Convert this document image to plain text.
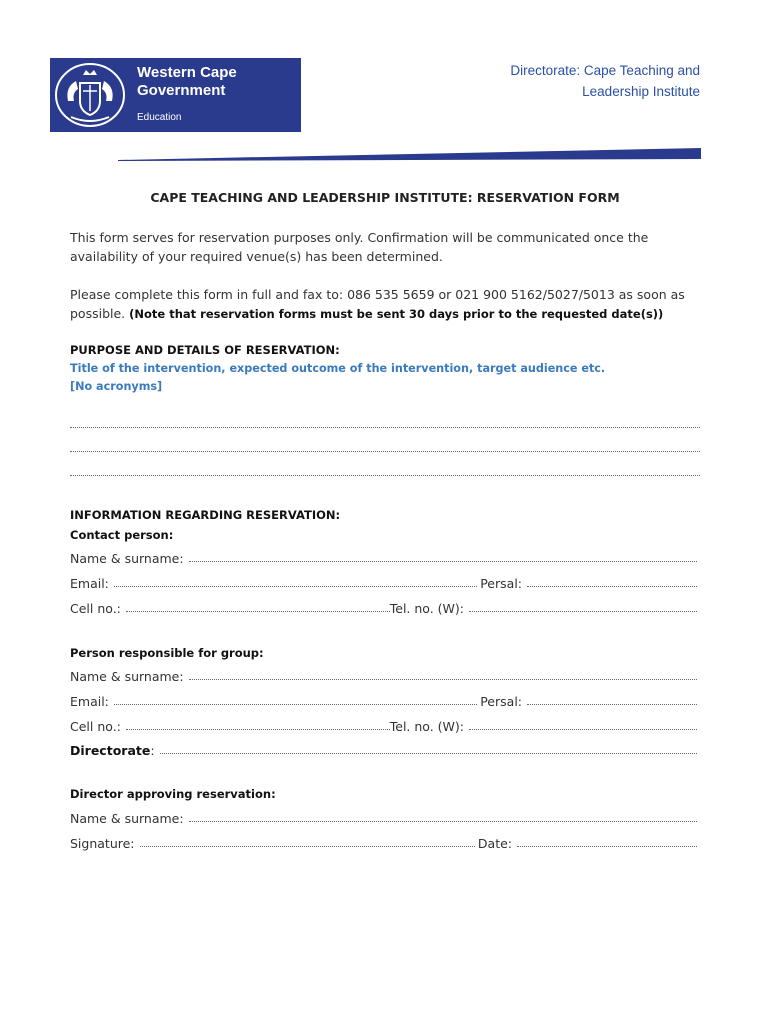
Western Cape
Government
Education
Directorate: Cape Teaching and
Leadership Institute
CAPE TEACHING AND LEADERSHIP INSTITUTE: RESERVATION FORM
This form serves for reservation purposes only. Confirmation will be communicated once the availability of your required venue(s) has been determined.
Please complete this form in full and fax to: 086 535 5659 or 021 900 5162/5027/5013 as soon as possible. (Note that reservation forms must be sent 30 days prior to the requested date(s))
PURPOSE AND DETAILS OF RESERVATION:
Title of the intervention, expected outcome of the intervention, target audience etc.
[No acronyms]
INFORMATION REGARDING RESERVATION:
Contact person:
Name & surname:
Email:	Persal:
Cell no.:	Tel. no. (W):
Person responsible for group:
Name & surname:
Email:	Persal:
Cell no.:	Tel. no. (W):
Directorate :
Director approving reservation:
Name & surname:
Signature:	Date:
